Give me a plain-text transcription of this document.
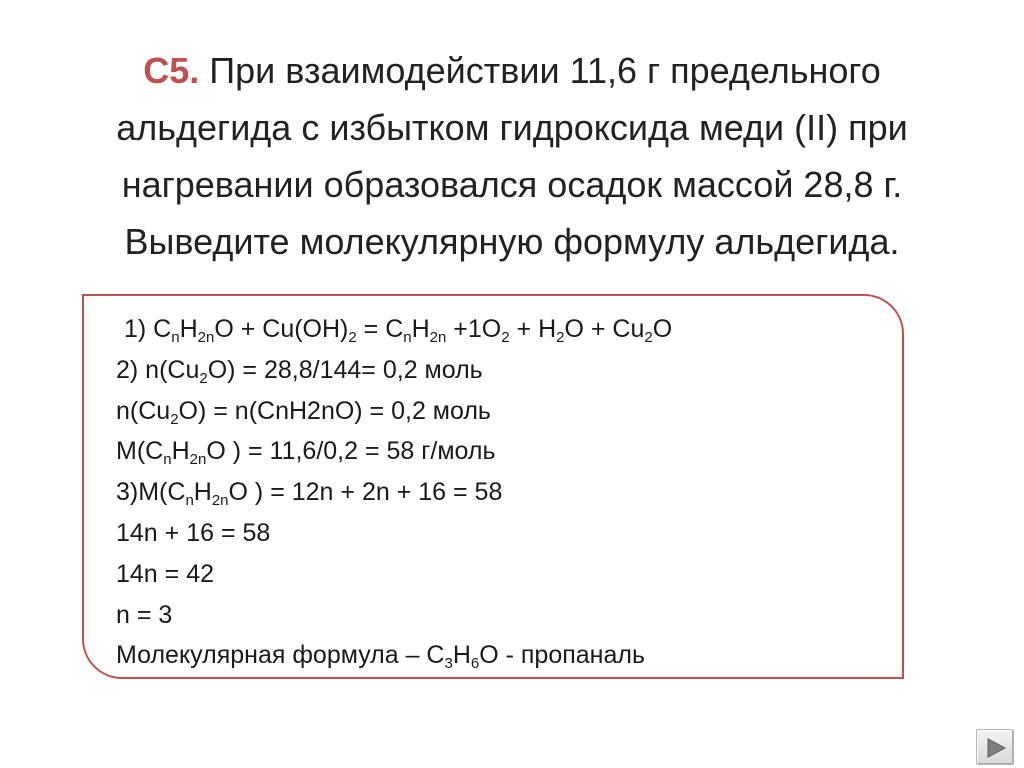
С5. При взаимодействии 11,6 г предельного
альдегида с избытком гидроксида меди (II) при
нагревании образовался осадок массой 28,8 г.
Выведите молекулярную формулу альдегида.
1) $C_nH_{2n}O + Cu(OH)_2 = C_nH_{2n} +1O_2 + H_2O + Cu_2O$
2) $n(Cu_2O) = 28,8/144= 0,2$ моль
$n(Cu_2O) = n(CnH2nO) = 0,2$ моль
$M(C_nH_{2n}O$ ) = 11,6/0,2 = 58 г/моль
$3)M(C_nH_{2n}O$ ) = 12n + 2n + 16 = 58
14n + 16 = 58
14n = 42
n = 3
Молекулярная формула – $C_3H_6O$ - пропаналь
